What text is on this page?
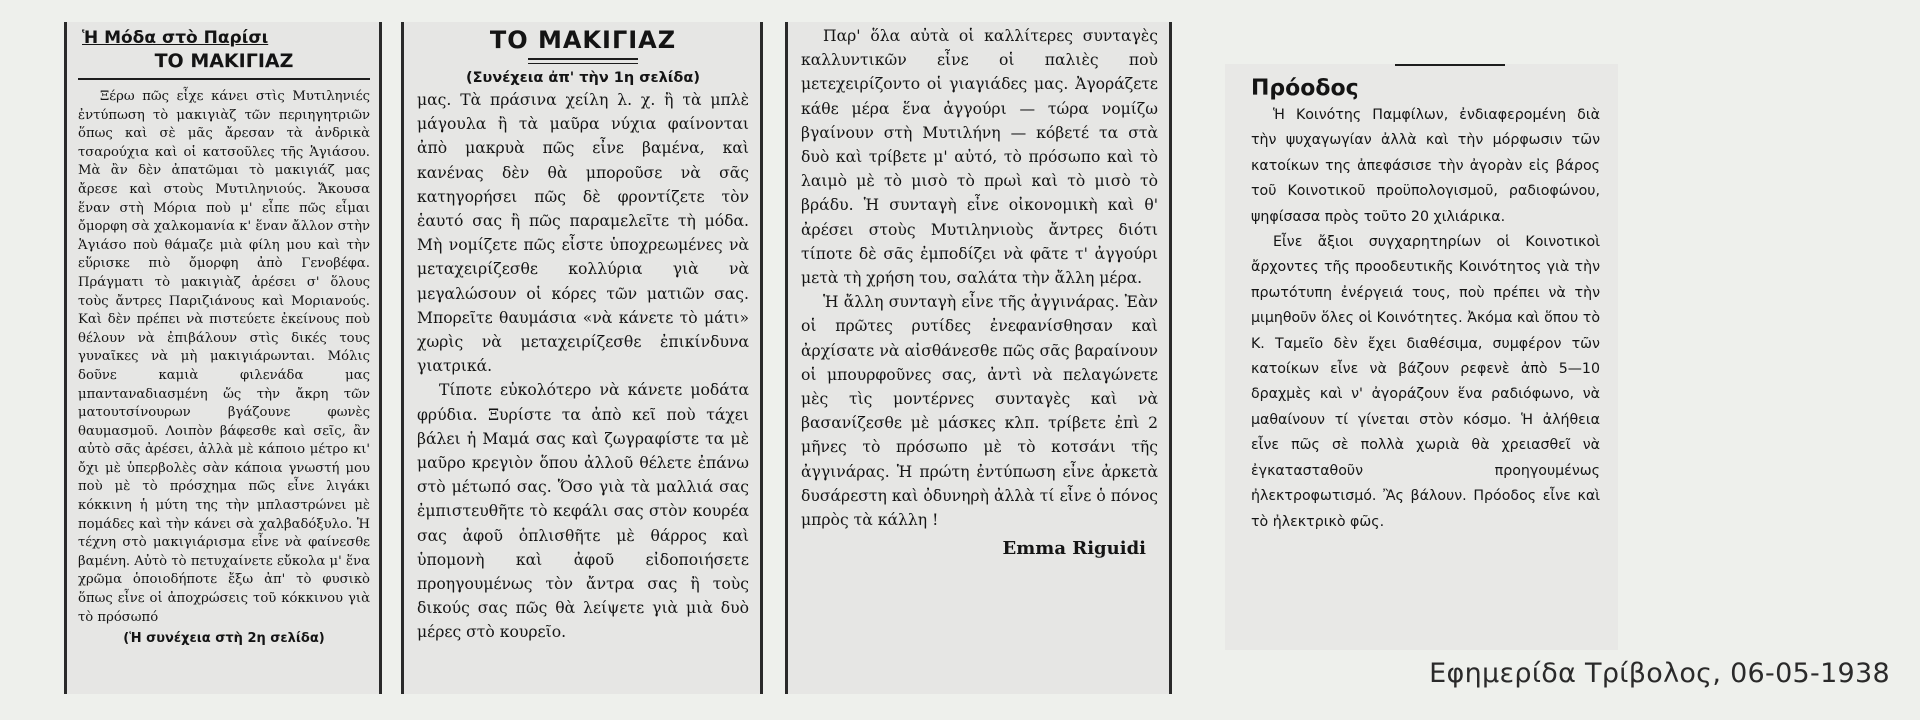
Ἡ Μόδα στὸ Παρίσι
ΤΟ ΜΑΚΙΓΙΑΖ

Ξέρω πῶς εἶχε κάνει στὶς Μυτιληνιές ἐντύπωση τὸ μακιγιὰζ τῶν περιηγητριῶν ὅπως καὶ σὲ μᾶς ἄρεσαν τὰ ἀνδρικὰ τσαρούχια καὶ οἱ κατσοῦλες τῆς Ἁγιάσου. Μὰ ἂν δὲν ἀπατῶμαι τὸ μακιγιάζ μας ἄρεσε καὶ στοὺς Μυτιληνιούς. Ἄκουσα ἕναν στὴ Μόρια ποὺ μ' εἶπε πῶς εἶμαι ὄμορφη σὰ χαλκομανία κ' ἕναν ἄλλον στὴν Ἁγιάσο ποὺ θάμαζε μιὰ φίλη μου καὶ τὴν εὕρισκε πιὸ ὄμορφη ἀπὸ Γενοβέφα. Πράγματι τὸ μακιγιὰζ ἀρέσει σ' ὅλους τοὺς ἄντρες Παριζιάνους καὶ Μοριανούς. Καὶ δὲν πρέπει νὰ πιστεύετε ἐκείνους ποὺ θέλουν νὰ ἐπιβάλουν στὶς δικές τους γυναῖκες νὰ μὴ μακιγιάρωνται. Μόλις δοῦνε καμιὰ φιλενάδα μας μπανταναδιασμένη ὥς τὴν ἄκρη τῶν ματουτσίνουρων βγάζουνε φωνὲς θαυμασμοῦ. Λοιπὸν βάφεσθε καὶ σεῖς, ἂν αὐτὸ σᾶς ἀρέσει, ἀλλὰ μὲ κάποιο μέτρο κι' ὄχι μὲ ὑπερβολὲς σὰν κάποια γνωστή μου ποὺ μὲ τὸ πρόσχημα πῶς εἶνε λιγάκι κόκκινη ἡ μύτη της τὴν μπλαστρώνει μὲ πομάδες καὶ τὴν κάνει σὰ χαλβαδόξυλο. Ἡ τέχνη στὸ μακιγιάρισμα εἶνε νὰ φαίνεσθε βαμένη. Αὐτὸ τὸ πετυχαίνετε εὔκολα μ' ἕνα χρῶμα ὁποιοδήποτε ἔξω ἀπ' τὸ φυσικὸ ὅπως εἶνε οἱ ἀποχρώσεις τοῦ κόκκινου γιὰ τὸ πρόσωπό

(Ἡ συνέχεια στὴ 2η σελίδα)
ΤΟ ΜΑΚΙΓΙΑΖ
(Συνέχεια ἀπ' τὴν 1η σελίδα)

μας. Τὰ πράσινα χείλη λ. χ. ἢ τὰ μπλὲ μάγουλα ἢ τὰ μαῦρα νύχια φαίνονται ἀπὸ μακρυὰ πῶς εἶνε βαμένα, καὶ κανένας δὲν θὰ μποροῦσε νὰ σᾶς κατηγορήσει πῶς δὲ φροντίζετε τὸν ἑαυτό σας ἢ πῶς παραμελεῖτε τὴ μόδα. Μὴ νομίζετε πῶς εἶστε ὑποχρεωμένες νὰ μεταχειρίζεσθε κολλύρια γιὰ νὰ μεγαλώσουν οἱ κόρες τῶν ματιῶν σας. Μπορεῖτε θαυμάσια «νὰ κάνετε τὸ μάτι» χωρὶς νὰ μεταχειρίζεσθε ἐπικίνδυνα γιατρικά.

Τίποτε εὐκολότερο νὰ κάνετε μοδάτα φρύδια. Ξυρίστε τα ἀπὸ κεῖ ποὺ τάχει βάλει ἡ Μαμά σας καὶ ζωγραφίστε τα μὲ μαῦρο κρεγιὸν ὅπου ἀλλοῦ θέλετε ἐπάνω στὸ μέτωπό σας. Ὅσο γιὰ τὰ μαλλιά σας ἐμπιστευθῆτε τὸ κεφάλι σας στὸν κουρέα σας ἀφοῦ ὁπλισθῆτε μὲ θάρρος καὶ ὑπομονὴ καὶ ἀφοῦ εἰδοποιήσετε προηγουμένως τὸν ἄντρα σας ἢ τοὺς δικούς σας πῶς θὰ λείψετε γιὰ μιὰ δυὸ μέρες στὸ κουρεῖο.

Παρ' ὅλα αὐτὰ οἱ καλλίτερες συνταγὲς καλλυντικῶν εἶνε οἱ παλιὲς ποὺ μετεχειρίζοντο οἱ γιαγιάδες μας. Ἀγοράζετε κάθε μέρα ἕνα ἀγγούρι — τώρα νομίζω βγαίνουν στὴ Μυτιλήνη — κόβετέ τα στὰ δυὸ καὶ τρίβετε μ' αὐτό, τὸ πρόσωπο καὶ τὸ λαιμὸ μὲ τὸ μισὸ τὸ πρωὶ καὶ τὸ μισὸ τὸ βράδυ. Ἡ συνταγὴ εἶνε οἰκονομικὴ καὶ θ' ἀρέσει στοὺς Μυτιληνιοὺς ἄντρες διότι τίποτε δὲ σᾶς ἐμποδίζει νὰ φᾶτε τ' ἀγγούρι μετὰ τὴ χρήση του, σαλάτα τὴν ἄλλη μέρα.

Ἡ ἄλλη συνταγὴ εἶνε τῆς ἀγγινάρας. Ἐὰν οἱ πρῶτες ρυτίδες ἐνεφανίσθησαν καὶ ἀρχίσατε νὰ αἰσθάνεσθε πῶς σᾶς βαραίνουν οἱ μπουρφοῦνες σας, ἀντὶ νὰ πελαγώνετε μὲς τὶς μοντέρνες συνταγὲς καὶ νὰ βασανίζεσθε μὲ μάσκες κλπ. τρίβετε ἐπὶ 2 μῆνες τὸ πρόσωπο μὲ τὸ κοτσάνι τῆς ἀγγινάρας. Ἡ πρώτη ἐντύπωση εἶνε ἀρκετὰ δυσάρεστη καὶ ὀδυνηρὴ ἀλλὰ τί εἶνε ὁ πόνος μπρὸς τὰ κάλλη !

Emma Riguidi
Πρόοδος

Ἡ Κοινότης Παμφίλων, ἐνδιαφερομένη διὰ τὴν ψυχαγωγίαν ἀλλὰ καὶ τὴν μόρφωσιν τῶν κατοίκων της ἀπεφάσισε τὴν ἀγορὰν εἰς βάρος τοῦ Κοινοτικοῦ προϋπολογισμοῦ, ραδιοφώνου, ψηφίσασα πρὸς τοῦτο 20 χιλιάρικα.

Εἶνε ἄξιοι συγχαρητηρίων οἱ Κοινοτικοὶ ἄρχοντες τῆς προοδευτικῆς Κοινότητος γιὰ τὴν πρωτότυπη ἐνέργειά τους, ποὺ πρέπει νὰ τὴν μιμηθοῦν ὅλες οἱ Κοινότητες. Ἀκόμα καὶ ὅπου τὸ Κ. Ταμεῖο δὲν ἔχει διαθέσιμα, συμφέρον τῶν κατοίκων εἶνε νὰ βάζουν ρεφενὲ ἀπὸ 5—10 δραχμὲς καὶ ν' ἀγοράζουν ἕνα ραδιόφωνο, νὰ μαθαίνουν τί γίνεται στὸν κόσμο. Ἡ ἀλήθεια εἶνε πῶς σὲ πολλὰ χωριὰ θὰ χρειασθεῖ νὰ ἐγκατασταθοῦν προηγουμένως ἠλεκτροφωτισμό. Ἂς βάλουν. Πρόοδος εἶνε καὶ τὸ ἠλεκτρικὸ φῶς.

Εφημερίδα Τρίβολος, 06-05-1938
